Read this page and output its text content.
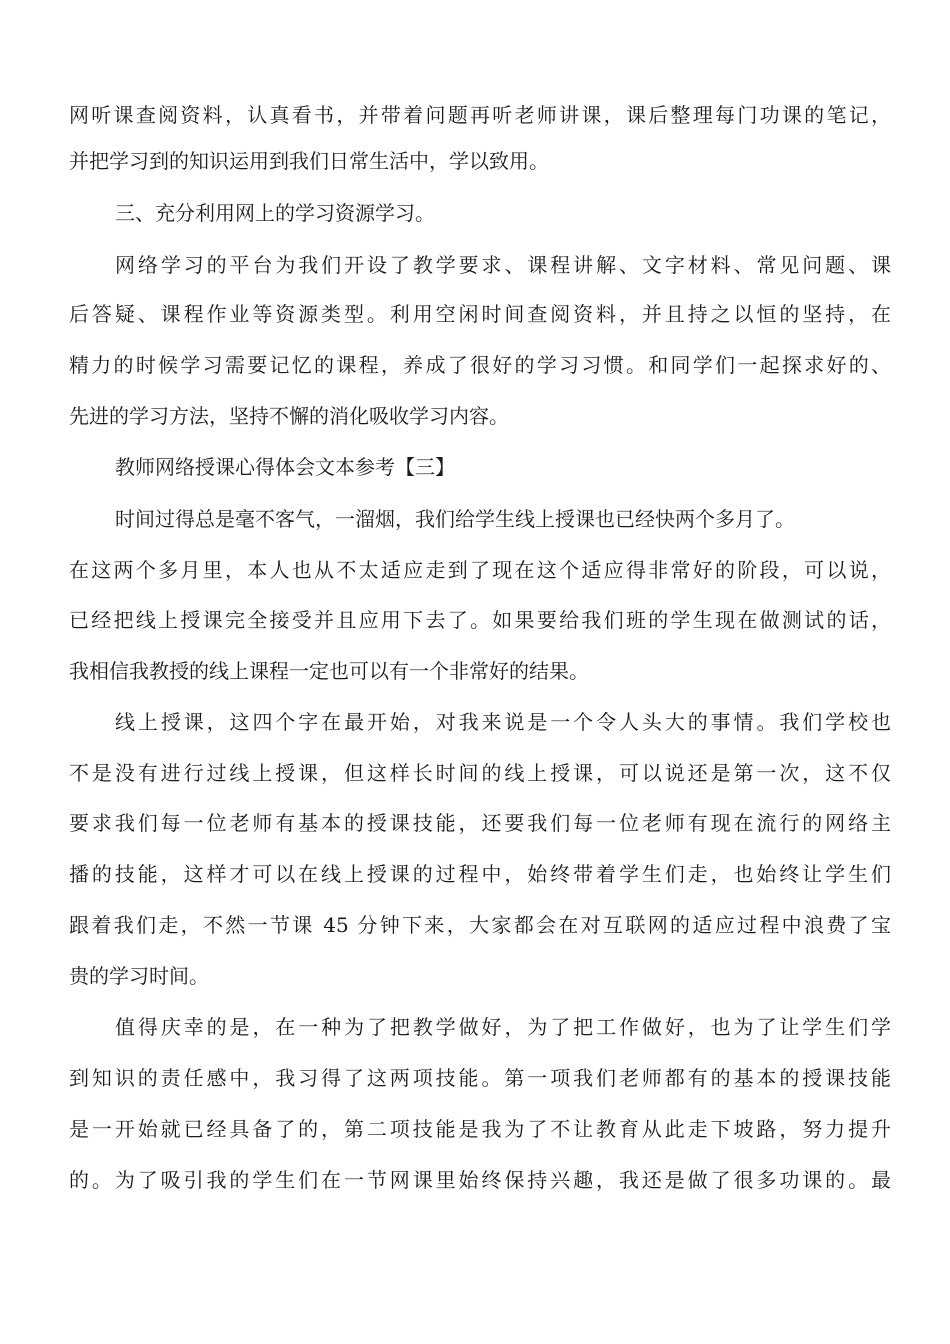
网听课查阅资料，认真看书，并带着问题再听老师讲课，课后整理每门功课的笔记，
并把学习到的知识运用到我们日常生活中，学以致用。
三、充分利用网上的学习资源学习。
网络学习的平台为我们开设了教学要求、课程讲解、文字材料、常见问题、课
后答疑、课程作业等资源类型。利用空闲时间查阅资料，并且持之以恒的坚持，在
精力的时候学习需要记忆的课程，养成了很好的学习习惯。和同学们一起探求好的、
先进的学习方法，坚持不懈的消化吸收学习内容。
教师网络授课心得体会文本参考【三】
时间过得总是毫不客气，一溜烟，我们给学生线上授课也已经快两个多月了。
在这两个多月里，本人也从不太适应走到了现在这个适应得非常好的阶段，可以说，
已经把线上授课完全接受并且应用下去了。如果要给我们班的学生现在做测试的话，
我相信我教授的线上课程一定也可以有一个非常好的结果。
线上授课，这四个字在最开始，对我来说是一个令人头大的事情。我们学校也
不是没有进行过线上授课，但这样长时间的线上授课，可以说还是第一次，这不仅
要求我们每一位老师有基本的授课技能，还要我们每一位老师有现在流行的网络主
播的技能，这样才可以在线上授课的过程中，始终带着学生们走，也始终让学生们
跟着我们走，不然一节课 45 分钟下来，大家都会在对互联网的适应过程中浪费了宝
贵的学习时间。
值得庆幸的是，在一种为了把教学做好，为了把工作做好，也为了让学生们学
到知识的责任感中，我习得了这两项技能。第一项我们老师都有的基本的授课技能
是一开始就已经具备了的，第二项技能是我为了不让教育从此走下坡路，努力提升
的。为了吸引我的学生们在一节网课里始终保持兴趣，我还是做了很多功课的。最
